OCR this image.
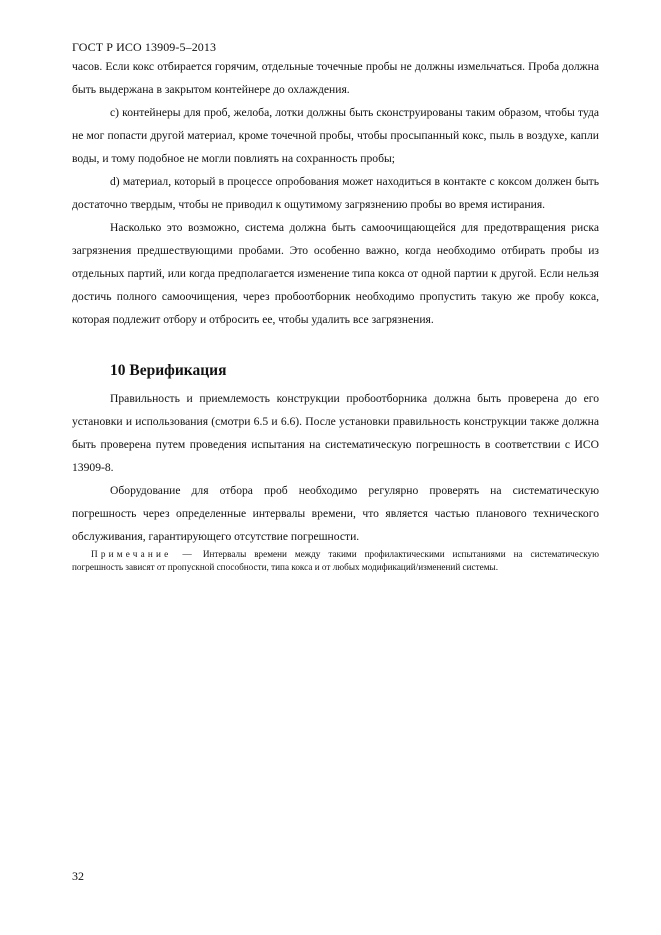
ГОСТ Р ИСО 13909-5–2013

часов. Если кокс отбирается горячим, отдельные точечные пробы не должны измельчаться. Проба должна быть выдержана в закрытом контейнере до охлаждения.

c) контейнеры для проб, желоба, лотки должны быть сконструированы таким образом, чтобы туда не мог попасти другой материал, кроме точечной пробы, чтобы просыпанный кокс, пыль в воздухе, капли воды, и тому подобное не могли повлиять на сохранность пробы;

d) материал, который в процессе опробования может находиться в контакте с коксом должен быть достаточно твердым, чтобы не приводил к ощутимому загрязнению пробы во время истирания.

Насколько это возможно, система должна быть самоочищающейся для предотвращения риска загрязнения предшествующими пробами. Это особенно важно, когда необходимо отбирать пробы из отдельных партий, или когда предполагается изменение типа кокса от одной партии к другой. Если нельзя достичь полного самоочищения, через пробоотборник необходимо пропустить такую же пробу кокса, которая подлежит отбору и отбросить ее, чтобы удалить все загрязнения.

10 Верификация

Правильность и приемлемость конструкции пробоотборника должна быть проверена до его установки и использования (смотри 6.5 и 6.6). После установки правильность конструкции также должна быть проверена путем проведения испытания на систематическую погрешность в соответствии с ИСО 13909-8.

Оборудование для отбора проб необходимо регулярно проверять на систематическую погрешность через определенные интервалы времени, что является частью планового технического обслуживания, гарантирующего отсутствие погрешности.

Примечание — Интервалы времени между такими профилактическими испытаниями на систематическую погрешность зависят от пропускной способности, типа кокса и от любых модификаций/изменений системы.

32
